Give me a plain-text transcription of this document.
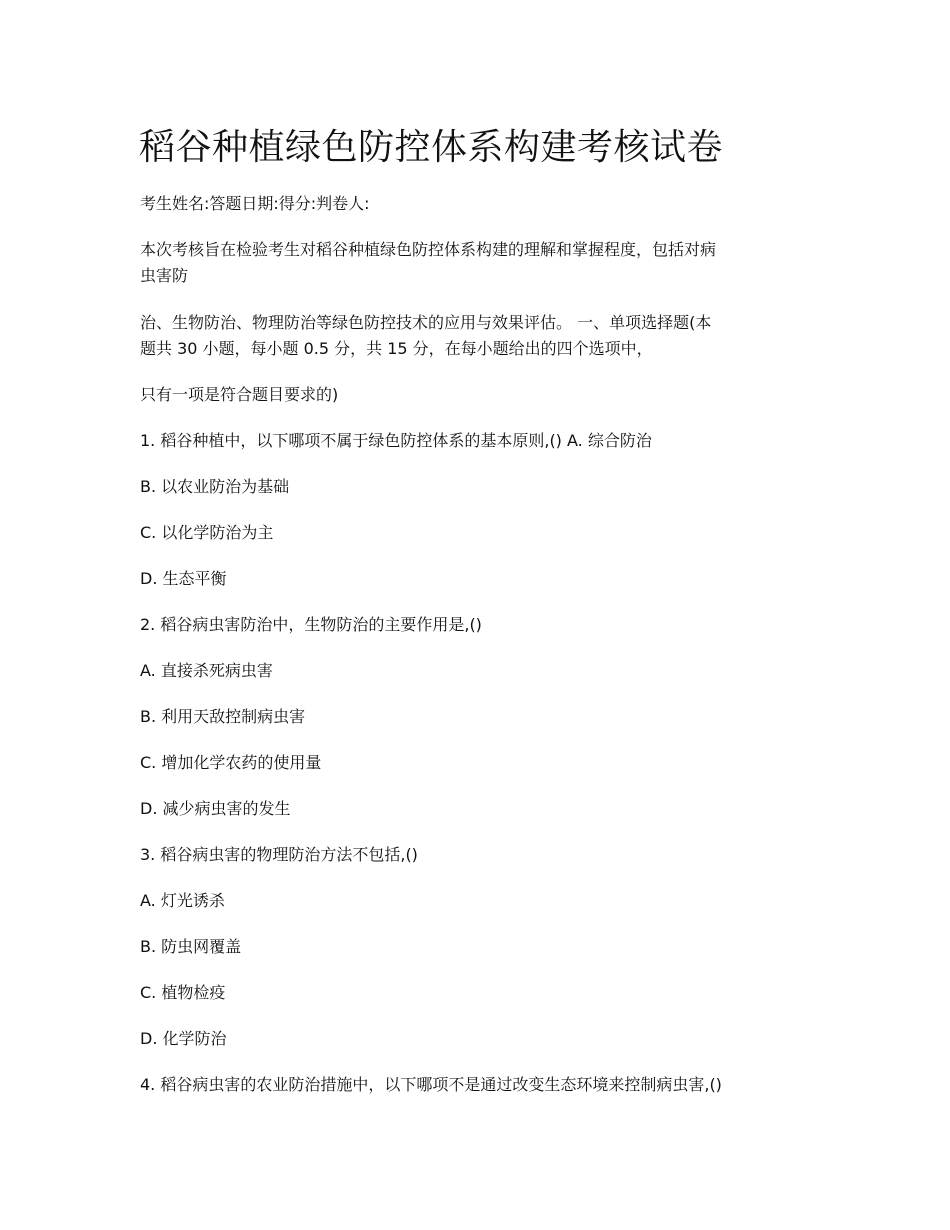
稻谷种植绿色防控体系构建考核试卷
考生姓名:答题日期:得分:判卷人:
本次考核旨在检验考生对稻谷种植绿色防控体系构建的理解和掌握程度，包括对病
虫害防
治、生物防治、物理防治等绿色防控技术的应用与效果评估。 一、单项选择题(本
题共 30 小题，每小题 0.5 分，共 15 分，在每小题给出的四个选项中，
只有一项是符合题目要求的)
1. 稻谷种植中，以下哪项不属于绿色防控体系的基本原则,() A. 综合防治
B. 以农业防治为基础
C. 以化学防治为主
D. 生态平衡
2. 稻谷病虫害防治中，生物防治的主要作用是,()
A. 直接杀死病虫害
B. 利用天敌控制病虫害
C. 增加化学农药的使用量
D. 减少病虫害的发生
3. 稻谷病虫害的物理防治方法不包括,()
A. 灯光诱杀
B. 防虫网覆盖
C. 植物检疫
D. 化学防治
4. 稻谷病虫害的农业防治措施中，以下哪项不是通过改变生态环境来控制病虫害,()
